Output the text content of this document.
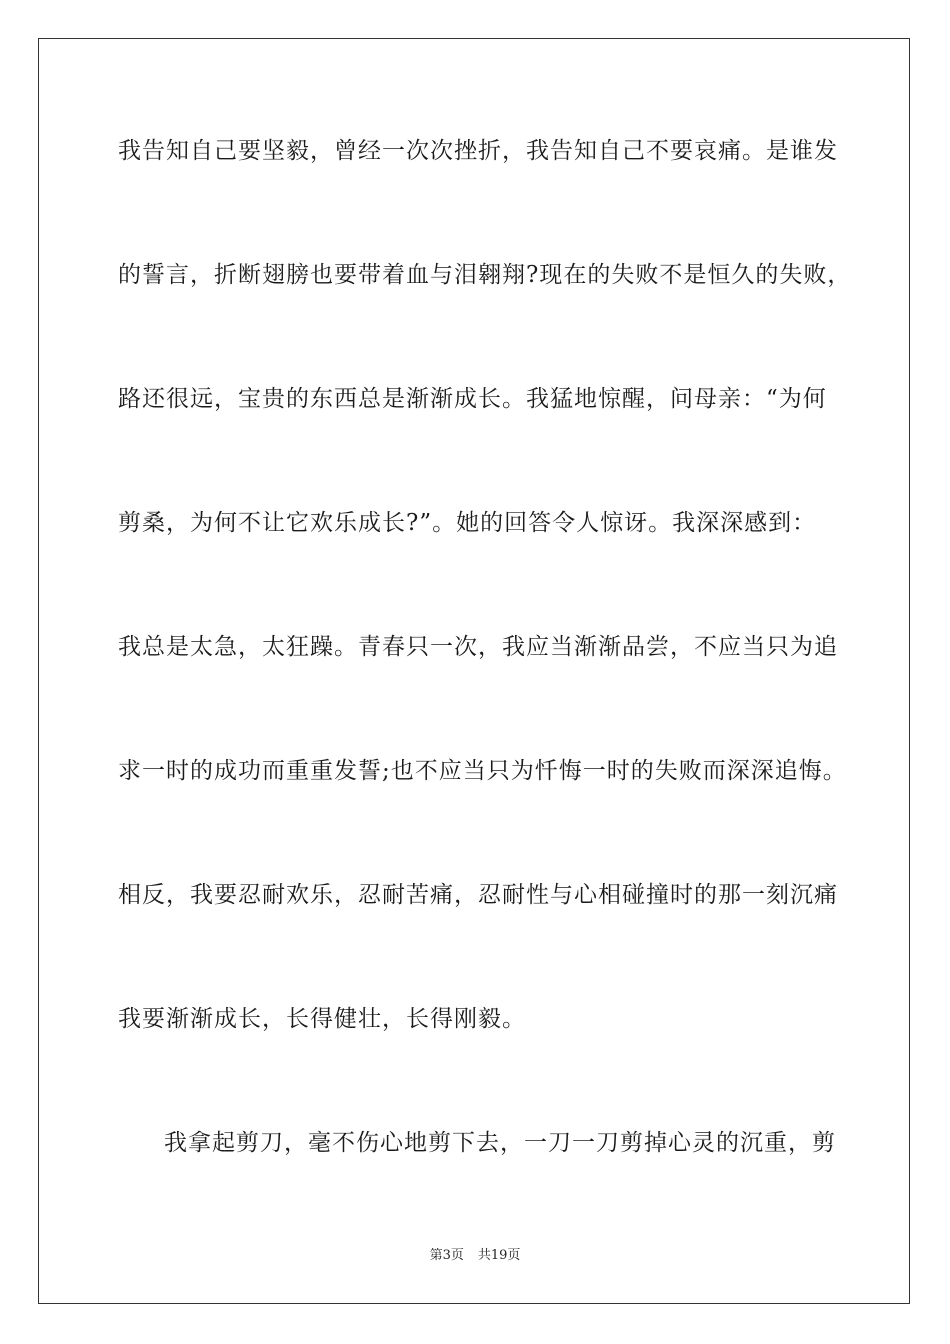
我告知自己要坚毅，曾经一次次挫折，我告知自己不要哀痛。是谁发
的誓言，折断翅膀也要带着血与泪翱翔?现在的失败不是恒久的失败，
路还很远，宝贵的东西总是渐渐成长。我猛地惊醒，问母亲：“为何
剪桑，为何不让它欢乐成长?”。她的回答令人惊讶。我深深感到：
我总是太急，太狂躁。青春只一次，我应当渐渐品尝，不应当只为追
求一时的成功而重重发誓;也不应当只为忏悔一时的失败而深深追悔。
相反，我要忍耐欢乐，忍耐苦痛，忍耐性与心相碰撞时的那一刻沉痛
我要渐渐成长，长得健壮，长得刚毅。
我拿起剪刀，毫不伤心地剪下去，一刀一刀剪掉心灵的沉重，剪
第3页 共19页
